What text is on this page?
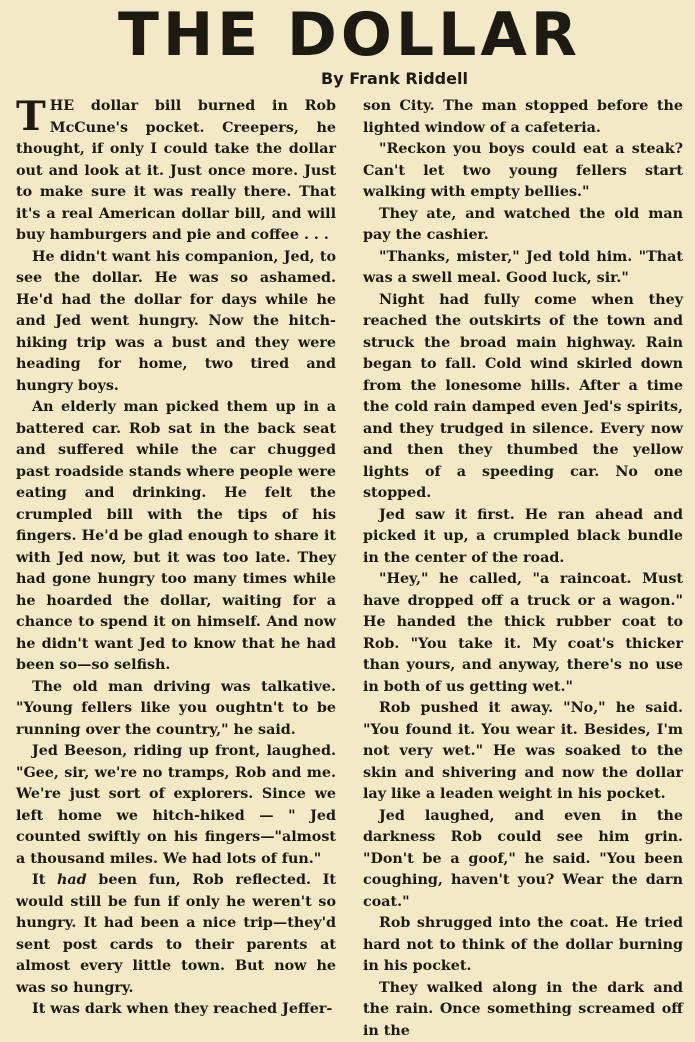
THE DOLLAR
By Frank Riddell

THE dollar bill burned in Rob McCune's pocket. Creepers, he thought, if only I could take the dollar out and look at it. Just once more. Just to make sure it was really there. That it's a real American dollar bill, and will buy hamburgers and pie and coffee . . .

He didn't want his companion, Jed, to see the dollar. He was so ashamed. He'd had the dollar for days while he and Jed went hungry. Now the hitch-hiking trip was a bust and they were heading for home, two tired and hungry boys.

An elderly man picked them up in a battered car. Rob sat in the back seat and suffered while the car chugged past roadside stands where people were eating and drinking. He felt the crumpled bill with the tips of his fingers. He'd be glad enough to share it with Jed now, but it was too late. They had gone hungry too many times while he hoarded the dollar, waiting for a chance to spend it on himself. And now he didn't want Jed to know that he had been so—so selfish.

The old man driving was talkative. "Young fellers like you oughtn't to be running over the country," he said.

Jed Beeson, riding up front, laughed. "Gee, sir, we're no tramps, Rob and me. We're just sort of explorers. Since we left home we hitch-hiked — " Jed counted swiftly on his fingers—"almost a thousand miles. We had lots of fun."

It had been fun, Rob reflected. It would still be fun if only he weren't so hungry. It had been a nice trip—they'd sent post cards to their parents at almost every little town. But now he was so hungry.

It was dark when they reached Jeffer-

son City. The man stopped before the lighted window of a cafeteria.

"Reckon you boys could eat a steak? Can't let two young fellers start walking with empty bellies."

They ate, and watched the old man pay the cashier.

"Thanks, mister," Jed told him. "That was a swell meal. Good luck, sir."

Night had fully come when they reached the outskirts of the town and struck the broad main highway. Rain began to fall. Cold wind skirled down from the lonesome hills. After a time the cold rain damped even Jed's spirits, and they trudged in silence. Every now and then they thumbed the yellow lights of a speeding car. No one stopped.

Jed saw it first. He ran ahead and picked it up, a crumpled black bundle in the center of the road.

"Hey," he called, "a raincoat. Must have dropped off a truck or a wagon." He handed the thick rubber coat to Rob. "You take it. My coat's thicker than yours, and anyway, there's no use in both of us getting wet."

Rob pushed it away. "No," he said. "You found it. You wear it. Besides, I'm not very wet." He was soaked to the skin and shivering and now the dollar lay like a leaden weight in his pocket.

Jed laughed, and even in the darkness Rob could see him grin. "Don't be a goof," he said. "You been coughing, haven't you? Wear the darn coat."

Rob shrugged into the coat. He tried hard not to think of the dollar burning in his pocket.

They walked along in the dark and the rain. Once something screamed off in the
